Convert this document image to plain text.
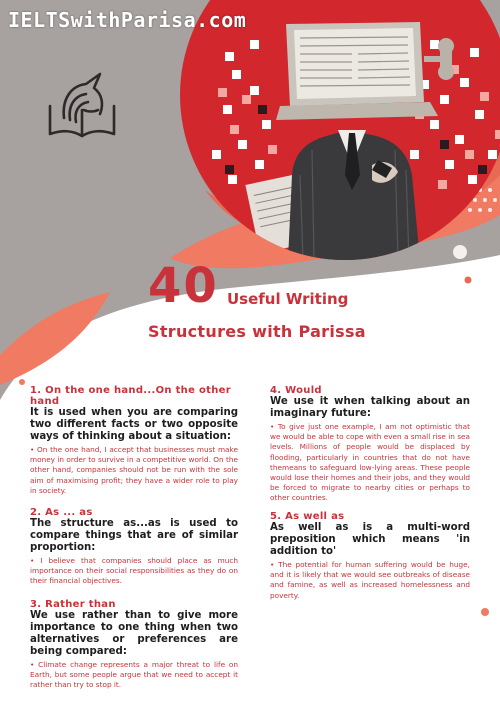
IELTSwithParisa.com
40 Useful Writing
Structures with Parissa
1. On the one hand...On the other hand

It is used when you are comparing two different facts or two opposite ways of thinking about a situation:

• On the one hand, I accept that businesses must make money in order to survive in a competitive world. On the other hand, companies should not be run with the sole aim of maximising profit; they have a wider role to play in society.

2. As ... as

The structure as...as is used to compare things that are of similar proportion:

• I believe that companies should place as much importance on their social responsibilities as they do on their financial objectives.

3. Rather than

We use rather than to give more importance to one thing when two alternatives or preferences are being compared:

• Climate change represents a major threat to life on Earth, but some people argue that we need to accept it rather than try to stop it.

4. Would

We use it when talking about an imaginary future:

• To give just one example, I am not optimistic that we would be able to cope with even a small rise in sea levels. Millions of people would be displaced by flooding, particularly in countries that do not have themeans to safeguard low-lying areas. These people would lose their homes and their jobs, and they would be forced to migrate to nearby cities or perhaps to other countries.

5. As well as

As well as is a multi-word preposition which means 'in addition to'

• The potential for human suffering would be huge, and it is likely that we would see outbreaks of disease and famine, as well as increased homelessness and poverty.
